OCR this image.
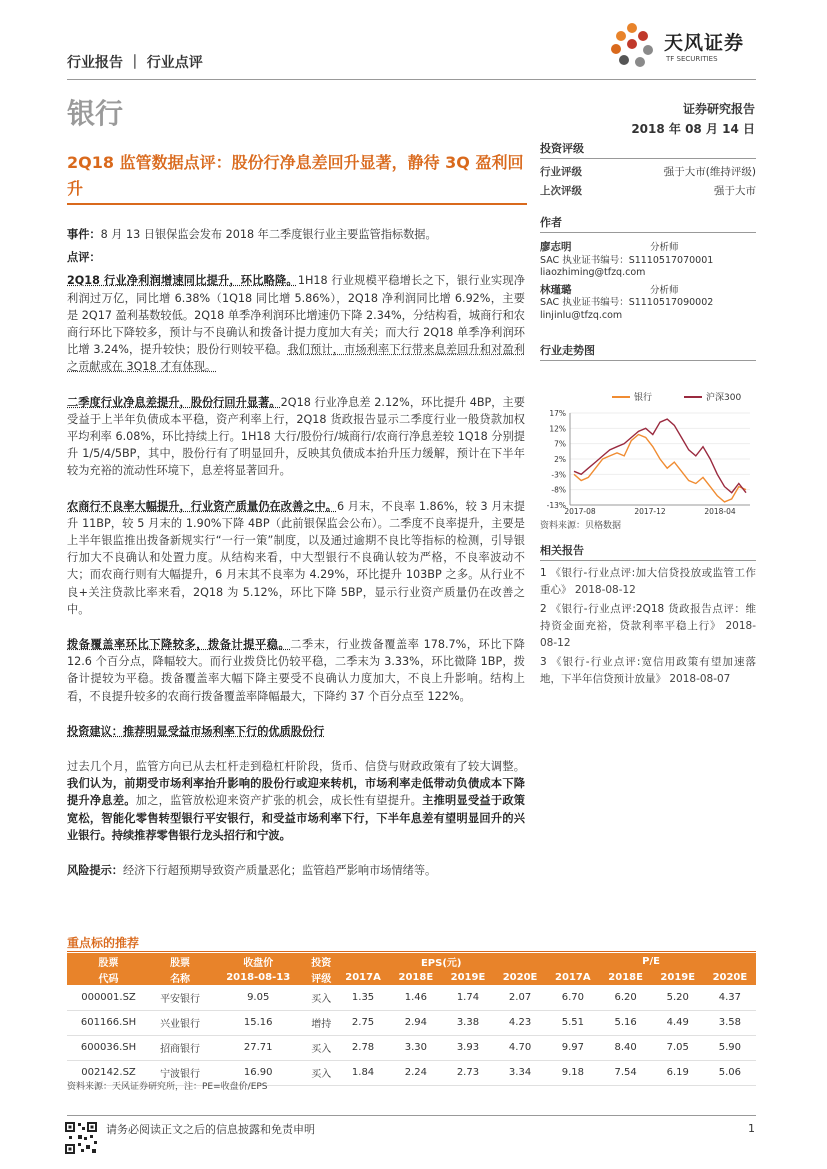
行业报告 ｜ 行业点评
天风证券
TF SECURITIES
银行	证券研究报告
2018 年 08 月 14 日
2Q18 监管数据点评：股份行净息差回升显著，静待 3Q 盈利回升

事件：8 月 13 日银保监会发布 2018 年二季度银行业主要监管指标数据。

点评：

2Q18 行业净利润增速同比提升，环比略降。1H18 行业规模平稳增长之下，银行业实现净利润过万亿，同比增 6.38%（1Q18 同比增 5.86%），2Q18 净利润同比增 6.92%，主要是 2Q17 盈利基数较低。2Q18 单季净利润环比增速仍下降 2.34%，分结构看，城商行和农商行环比下降较多，预计与不良确认和拨备计提力度加大有关；而大行 2Q18 单季净利润环比增 3.24%，提升较快；股份行则较平稳。我们预计，市场利率下行带来息差回升和对盈利之贡献或在 3Q18 才有体现。

二季度行业净息差提升，股份行回升显著。2Q18 行业净息差 2.12%，环比提升 4BP，主要受益于上半年负债成本平稳，资产利率上行，2Q18 货政报告显示二季度行业一般贷款加权平均利率 6.08%，环比持续上行。1H18 大行/股份行/城商行/农商行净息差较 1Q18 分别提升 1/5/4/5BP，其中，股份行有了明显回升，反映其负债成本抬升压力缓解，预计在下半年较为充裕的流动性环境下，息差将显著回升。

农商行不良率大幅提升，行业资产质量仍在改善之中。6 月末，不良率 1.86%，较 3 月末提升 11BP，较 5 月末的 1.90%下降 4BP（此前银保监会公布）。二季度不良率提升，主要是上半年银监推出拨备新规实行“一行一策”制度，以及通过逾期不良比等指标的检测，引导银行加大不良确认和处置力度。从结构来看，中大型银行不良确认较为严格，不良率波动不大；而农商行则有大幅提升，6 月末其不良率为 4.29%，环比提升 103BP 之多。从行业不良+关注贷款比率来看，2Q18 为 5.12%，环比下降 5BP，显示行业资产质量仍在改善之中。

拨备覆盖率环比下降较多，拨备计提平稳。二季末，行业拨备覆盖率 178.7%，环比下降 12.6 个百分点，降幅较大。而行业拨贷比仍较平稳，二季末为 3.33%，环比微降 1BP，拨备计提较为平稳。拨备覆盖率大幅下降主要受不良确认力度加大，不良上升影响。结构上看，不良提升较多的农商行拨备覆盖率降幅最大，下降约 37 个百分点至 122%。

投资建议：推荐明显受益市场利率下行的优质股份行

过去几个月，监管方向已从去杠杆走到稳杠杆阶段，货币、信贷与财政政策有了较大调整。我们认为，前期受市场利率抬升影响的股份行或迎来转机，市场利率走低带动负债成本下降提升净息差。加之，监管放松迎来资产扩张的机会，成长性有望提升。主推明显受益于政策宽松，智能化零售转型银行平安银行，和受益市场利率下行，下半年息差有望明显回升的兴业银行。持续推荐零售银行龙头招行和宁波。

风险提示：经济下行超预期导致资产质量恶化；监管趋严影响市场情绪等。

投资评级
行业评级	强于大市(维持评级)
上次评级	强于大市
作者
廖志明	分析师
SAC 执业证书编号：S1110517070001
liaozhiming@tfzq.com
林瑾璐	分析师
SAC 执业证书编号：S1110517090002
linjinlu@tfzq.com
行业走势图
银行	沪深300
17%
12%
7%
2%
-3%
-8%
-13%
2017-08	2017-12	2018-04
资料来源：贝格数据
相关报告
1 《银行-行业点评:加大信贷投放或监管工作重心》 2018-08-12
2 《银行-行业点评:2Q18 货政报告点评：维持资金面充裕，贷款利率平稳上行》 2018-08-12
3 《银行-行业点评:宽信用政策有望加速落地，下半年信贷预计放量》 2018-08-07
重点标的推荐
股票	股票	收盘价	投资	EPS(元)				P/E			
代码	名称	2018-08-13	评级	2017A	2018E	2019E	2020E	2017A	2018E	2019E	2020E
000001.SZ	平安银行	9.05	买入	1.35	1.46	1.74	2.07	6.70	6.20	5.20	4.37
601166.SH	兴业银行	15.16	增持	2.75	2.94	3.38	4.23	5.51	5.16	4.49	3.58
600036.SH	招商银行	27.71	买入	2.78	3.30	3.93	4.70	9.97	8.40	7.05	5.90
002142.SZ	宁波银行	16.90	买入	1.84	2.24	2.73	3.34	9.18	7.54	6.19	5.06
资料来源：天风证券研究所，注：PE=收盘价/EPS
请务必阅读正文之后的信息披露和免责申明	1
